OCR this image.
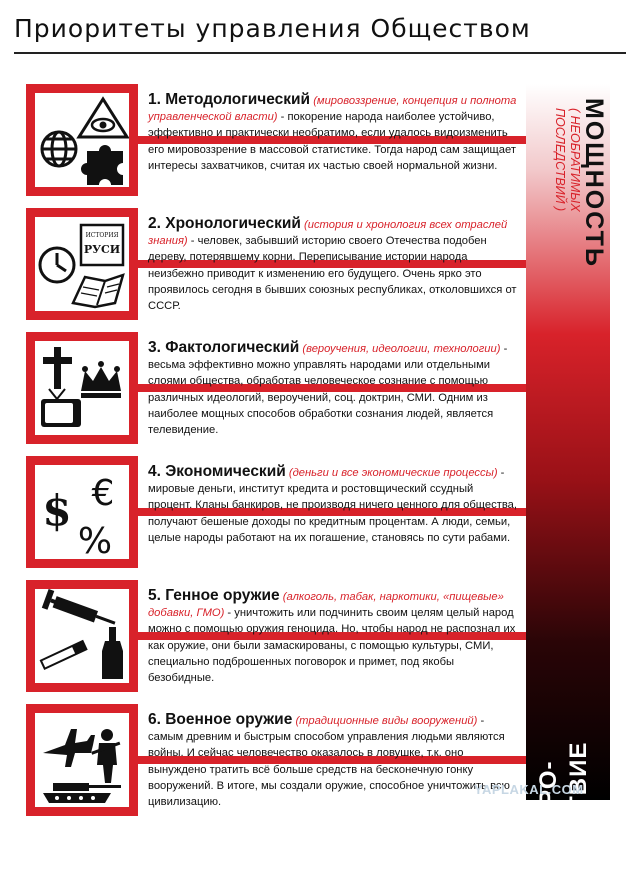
Приоритеты управления Обществом
1. Методологический (мировоззрение, концепция и полнота управленческой власти) - покорение народа наиболее устойчиво, эффективно и практически необратимо, если удалось видоизменить его мировоззрение в массовой статистике. Тогда народ сам защищает интересы захватчиков, считая их частью своей нормальной жизни.
ИСТОРИЯ
РУСИ
2. Хронологический (история и хронология всех отраслей знания) - человек, забывший историю своего Отечества подобен дереву, потерявшему корни. Переписывание истории народа неизбежно приводит к изменению его будущего. Очень ярко это проявилось сегодня в бывших союзных республиках, отколовшихся от СССР.
3. Фактологический (вероучения, идеологии, технологии) - весьма эффективно можно управлять народами или отдельными слоями общества, обработав человеческое сознание с помощью различных идеологий, вероучений, соц. доктрин, СМИ. Одним из наиболее мощных способов обработки сознания людей, является телевидение.
$ €
%
4. Экономический (деньги и все экономические процессы) - мировые деньги, институт кредита и ростовщический ссудный процент. Кланы банкиров, не производя ничего ценного для общества, получают бешеные доходы по кредитным процентам. А люди, семьи, целые народы работают на их погашение, становясь по сути рабами.
5. Генное оружие (алкоголь, табак, наркотики, «пищевые» добавки, ГМО) - уничтожить или подчинить своим целям целый народ можно с помощью оружия геноцида. Но, чтобы народ не распознал их как оружие, они были замаскированы, с помощью культуры, СМИ, специально подброшенных поговорок и примет, под якобы безобидные.
6. Военное оружие (традиционные виды вооружений) - самым древним и быстрым способом управления людьми являются войны. И сейчас человечество оказалось в ловушке, т.к. оно вынуждено тратить всё больше средств на бесконечную гонку вооружений. В итоге, мы создали оружие, способное уничтожить всю цивилизацию.
МОЩНОСТЬ
( НЕОБРАТИМЫХ
ПОСЛЕДСТВИЙ )
БЫСТРО- ДЕЙСТВИЕ
YAPLAKAL.COM
